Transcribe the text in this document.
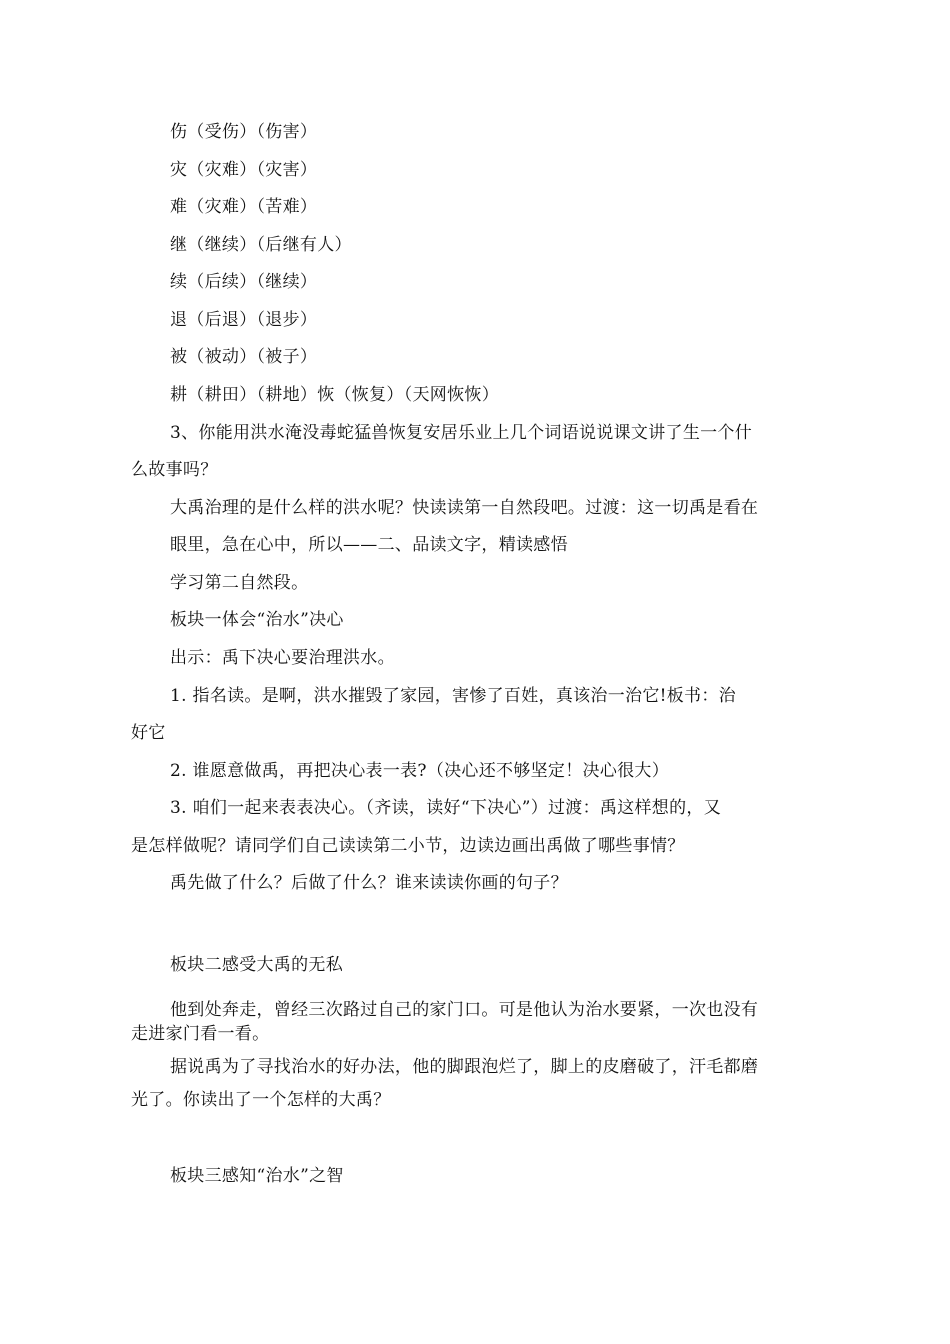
伤（受伤）（伤害）
灾（灾难）（灾害）
难（灾难）（苦难）
继（继续）（后继有人）
续（后续）（继续）
退（后退）（退步）
被（被动）（被子）
耕（耕田）（耕地）恢（恢复）（天网恢恢）
3、你能用洪水淹没毒蛇猛兽恢复安居乐业上几个词语说说课文讲了生一个什
么故事吗？
大禹治理的是什么样的洪水呢？快读读第一自然段吧。过渡：这一切禹是看在
眼里，急在心中，所以——二、品读文字，精读感悟
学习第二自然段。
板块一体会“治水”决心
出示：禹下决心要治理洪水。
1. 指名读。是啊，洪水摧毁了家园，害惨了百姓，真该治一治它!板书：治
好它
2. 谁愿意做禹，再把决心表一表?（决心还不够坚定！决心很大）
3. 咱们一起来表表决心。（齐读，读好“下决心”）过渡：禹这样想的，又
是怎样做呢？请同学们自己读读第二小节，边读边画出禹做了哪些事情？
禹先做了什么？后做了什么？谁来读读你画的句子？
板块二感受大禹的无私
他到处奔走，曾经三次路过自己的家门口。可是他认为治水要紧，一次也没有
走进家门看一看。
据说禹为了寻找治水的好办法，他的脚跟泡烂了，脚上的皮磨破了，汗毛都磨
光了。你读出了一个怎样的大禹？
板块三感知“治水”之智
